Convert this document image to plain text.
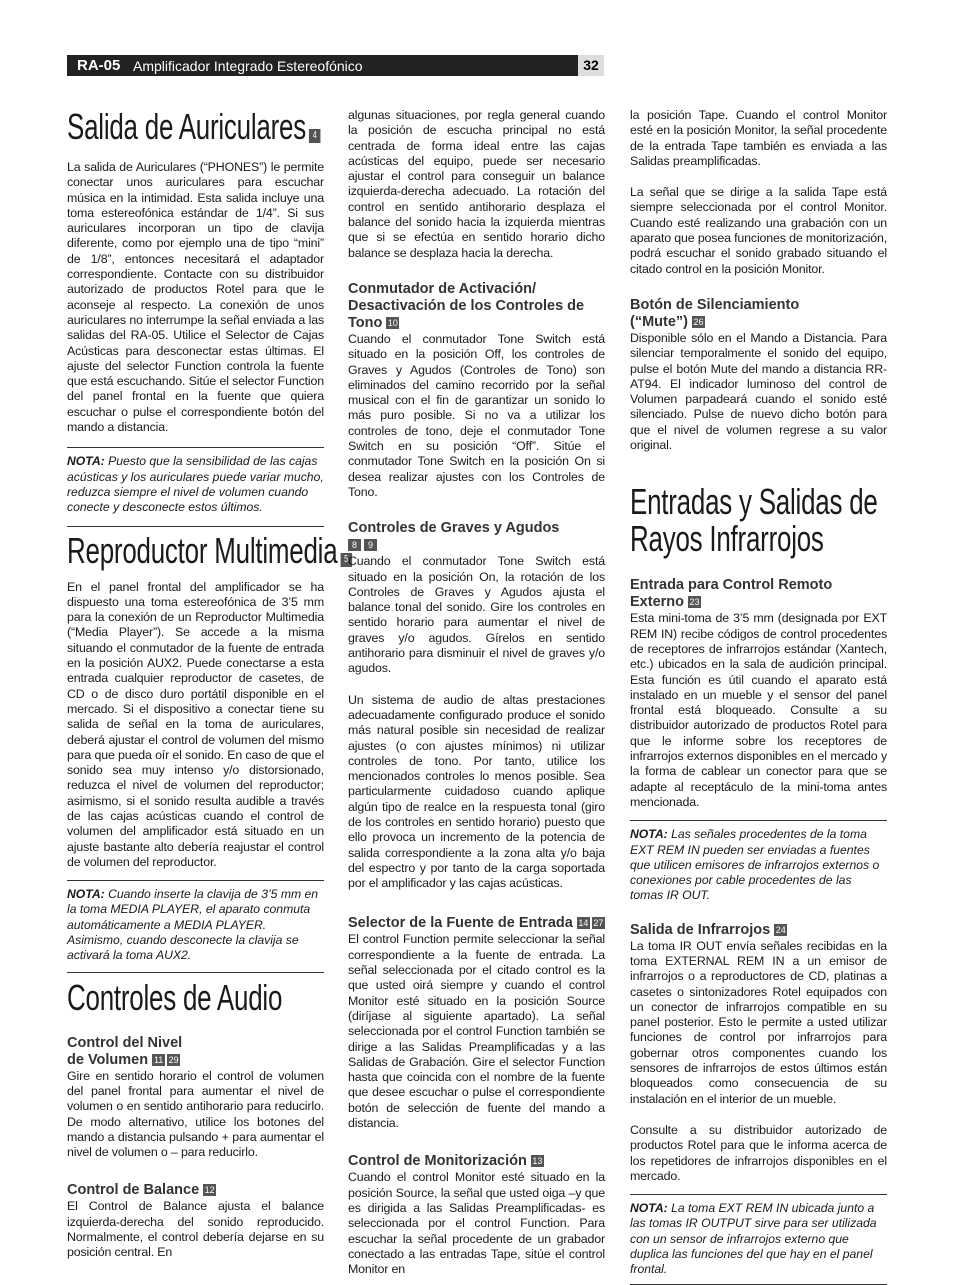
RA-05 Amplificador Integrado Estereofónico	32
Salida de Auriculares 4

La salida de Auriculares (“PHONES”) le permite conectar unos auriculares para escuchar música en la intimidad. Esta salida incluye una toma estereofónica estándar de 1/4”. Si sus auriculares incorporan un tipo de clavija diferente, como por ejemplo una de tipo “mini” de 1/8”, entonces necesitará el adaptador correspondiente. Contacte con su distribuidor autorizado de productos Rotel para que le aconseje al respecto. La conexión de unos auriculares no interrumpe la señal enviada a las salidas del RA-05. Utilice el Selector de Cajas Acústicas para desconectar estas últimas. El ajuste del selector Function controla la fuente que está escuchando. Sitúe el selector Function del panel frontal en la fuente que quiera escuchar o pulse el correspondiente botón del mando a distancia.

NOTA: Puesto que la sensibilidad de las cajas acústicas y los auriculares puede variar mucho, reduzca siempre el nivel de volumen cuando conecte y desconecte estos últimos.

Reproductor Multimedia 5

En el panel frontal del amplificador se ha dispuesto una toma estereofónica de 3’5 mm para la conexión de un Reproductor Multimedia (“Media Player”). Se accede a la misma situando el conmutador de la fuente de entrada en la posición AUX2. Puede conectarse a esta entrada cualquier reproductor de casetes, de CD o de disco duro portátil disponible en el mercado. Si el dispositivo a conectar tiene su salida de señal en la toma de auriculares, deberá ajustar el control de volumen del mismo para que pueda oír el sonido. En caso de que el sonido sea muy intenso y/o distorsionado, reduzca el nivel de volumen del reproductor; asimismo, si el sonido resulta audible a través de las cajas acústicas cuando el control de volumen del amplificador está situado en un ajuste bastante alto debería reajustar el control de volumen del reproductor.

NOTA: Cuando inserte la clavija de 3’5 mm en la toma MEDIA PLAYER, el aparato conmuta automáticamente a MEDIA PLAYER. Asimismo, cuando desconecte la clavija se activará la toma AUX2.

Controles de Audio

Control del Nivel
de Volumen 11 29

Gire en sentido horario el control de volumen del panel frontal para aumentar el nivel de volumen o en sentido antihorario para reducirlo. De modo alternativo, utilice los botones del mando a distancia pulsando + para aumentar el nivel de volumen o – para reducirlo.

Control de Balance 12

El Control de Balance ajusta el balance izquierda-derecha del sonido reproducido. Normalmente, el control debería dejarse en su posición central. En

algunas situaciones, por regla general cuando la posición de escucha principal no está centrada de forma ideal entre las cajas acústicas del equipo, puede ser necesario ajustar el control para conseguir un balance izquierda-derecha adecuado. La rotación del control en sentido antihorario desplaza el balance del sonido hacia la izquierda mientras que si se efectúa en sentido horario dicho balance se desplaza hacia la derecha.

Conmutador de Activación/ Desactivación de los Controles de Tono 10

Cuando el conmutador Tone Switch está situado en la posición Off, los controles de Graves y Agudos (Controles de Tono) son eliminados del camino recorrido por la señal musical con el fin de garantizar un sonido lo más puro posible. Si no va a utilizar los controles de tono, deje el conmutador Tone Switch en su posición “Off”. Sitúe el conmutador Tone Switch en la posición On si desea realizar ajustes con los Controles de Tono.

Controles de Graves y Agudos
8 9

Cuando el conmutador Tone Switch está situado en la posición On, la rotación de los Controles de Graves y Agudos ajusta el balance tonal del sonido. Gire los controles en sentido horario para aumentar el nivel de graves y/o agudos. Gírelos en sentido antihorario para disminuir el nivel de graves y/o agudos.

Un sistema de audio de altas prestaciones adecuadamente configurado produce el sonido más natural posible sin necesidad de realizar ajustes (o con ajustes mínimos) ni utilizar controles de tono. Por tanto, utilice los mencionados controles lo menos posible. Sea particularmente cuidadoso cuando aplique algún tipo de realce en la respuesta tonal (giro de los controles en sentido horario) puesto que ello provoca un incremento de la potencia de salida correspondiente a la zona alta y/o baja del espectro y por tanto de la carga soportada por el amplificador y las cajas acústicas.

Selector de la Fuente de Entrada 14 27

El control Function permite seleccionar la señal correspondiente a la fuente de entrada. La señal seleccionada por el citado control es la que usted oirá siempre y cuando el control Monitor esté situado en la posición Source (diríjase al siguiente apartado). La señal seleccionada por el control Function también se dirige a las Salidas Preamplificadas y a las Salidas de Grabación. Gire el selector Function hasta que coincida con el nombre de la fuente que desee escuchar o pulse el correspondiente botón de selección de fuente del mando a distancia.

Control de Monitorización 13

Cuando el control Monitor esté situado en la posición Source, la señal que usted oiga –y que es dirigida a las Salidas Preamplificadas- es seleccionada por el control Function. Para escuchar la señal procedente de un grabador conectado a las entradas Tape, sitúe el control Monitor en

la posición Tape. Cuando el control Monitor esté en la posición Monitor, la señal procedente de la entrada Tape también es enviada a las Salidas preamplificadas.

La señal que se dirige a la salida Tape está siempre seleccionada por el control Monitor. Cuando esté realizando una grabación con un aparato que posea funciones de monitorización, podrá escuchar el sonido grabado situando el citado control en la posición Monitor.

Botón de Silenciamiento
(“Mute”) 26

Disponible sólo en el Mando a Distancia. Para silenciar temporalmente el sonido del equipo, pulse el botón Mute del mando a distancia RR-AT94. El indicador luminoso del control de Volumen parpadeará cuando el sonido esté silenciado. Pulse de nuevo dicho botón para que el nivel de volumen regrese a su valor original.

Entradas y Salidas de
Rayos Infrarrojos

Entrada para Control Remoto Externo 23

Esta mini-toma de 3’5 mm (designada por EXT REM IN) recibe códigos de control procedentes de receptores de infrarrojos estándar (Xantech, etc.) ubicados en la sala de audición principal. Esta función es útil cuando el aparato está instalado en un mueble y el sensor del panel frontal está bloqueado. Consulte a su distribuidor autorizado de productos Rotel para que le informe sobre los receptores de infrarrojos externos disponibles en el mercado y la forma de cablear un conector para que se adapte al receptáculo de la mini-toma antes mencionada.

NOTA: Las señales procedentes de la toma EXT REM IN pueden ser enviadas a fuentes que utilicen emisores de infrarrojos externos o conexiones por cable procedentes de las tomas IR OUT.

Salida de Infrarrojos 24

La toma IR OUT envía señales recibidas en la toma EXTERNAL REM IN a un emisor de infrarrojos o a reproductores de CD, platinas a casetes o sintonizadores Rotel equipados con un conector de infrarrojos compatible en su panel posterior. Esto le permite a usted utilizar funciones de control por infrarrojos para gobernar otros componentes cuando los sensores de infrarrojos de estos últimos están bloqueados como consecuencia de su instalación en el interior de un mueble.

Consulte a su distribuidor autorizado de productos Rotel para que le informa acerca de los repetidores de infrarrojos disponibles en el mercado.

NOTA: La toma EXT REM IN ubicada junto a las tomas IR OUTPUT sirve para ser utilizada con un sensor de infrarrojos externo que duplica las funciones del que hay en el panel frontal.
